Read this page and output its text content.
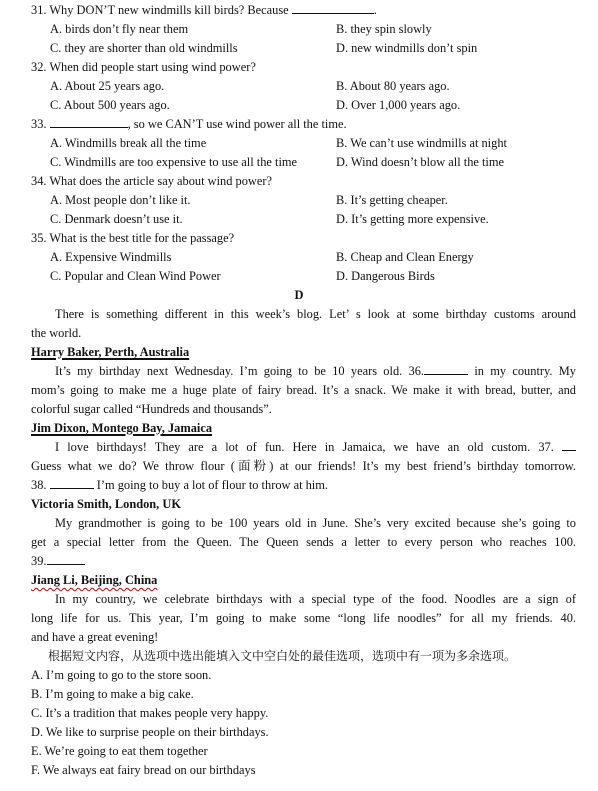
31. Why DON’T new windmills kill birds? Because	.
A. birds don’t fly near them	B. they spin slowly
C. they are shorter than old windmills	D. new windmills don’t spin
32. When did people start using wind power?
A. About 25 years ago.	B. About 80 years ago.
C. About 500 years ago.	D. Over 1,000 years ago.
33.	, so we CAN’T use wind power all the time.
A. Windmills break all the time	B. We can’t use windmills at night
C. Windmills are too expensive to use all the time	D. Wind doesn’t blow all the time
34. What does the article say about wind power?
A. Most people don’t like it.	B. It’s getting cheaper.
C. Denmark doesn’t use it.	D. It’s getting more expensive.
35. What is the best title for the passage?
A. Expensive Windmills	B. Cheap and Clean Energy
C. Popular and Clean Wind Power	D. Dangerous Birds
D
There is something different in this week’s blog. Let’ s look at some birthday customs around
the world.
Harry Baker, Perth, Australia
It’s my birthday next Wednesday. I’m going to be 10 years old. 36.	in my country. My
mom’s going to make me a huge plate of fairy bread. It’s a snack. We make it with bread, butter, and
colorful sugar called “Hundreds and thousands”.
Jim Dixon, Montego Bay, Jamaica
I love birthdays! They are a lot of fun. Here in Jamaica, we have an old custom. 37.
Guess what we do? We throw flour (面粉) at our friends! It’s my best friend’s birthday tomorrow.
38.	I’m going to buy a lot of flour to throw at him.
Victoria Smith, London, UK
My grandmother is going to be 100 years old in June. She’s very excited because she’s going to
get a special letter from the Queen. The Queen sends a letter to every person who reaches 100.
39.
Jiang Li, Beijing, China
In my country, we celebrate birthdays with a special type of the food. Noodles are a sign of
long life for us. This year, I’m going to make some “long life noodles” for all my friends. 40.
and have a great evening!
根据短文内容，从选项中选出能填入文中空白处的最佳选项，选项中有一项为多余选项。
A. I’m going to go to the store soon.
B. I’m going to make a big cake.
C. It’s a tradition that makes people very happy.
D. We like to surprise people on their birthdays.
E. We’re going to eat them together
F. We always eat fairy bread on our birthdays
